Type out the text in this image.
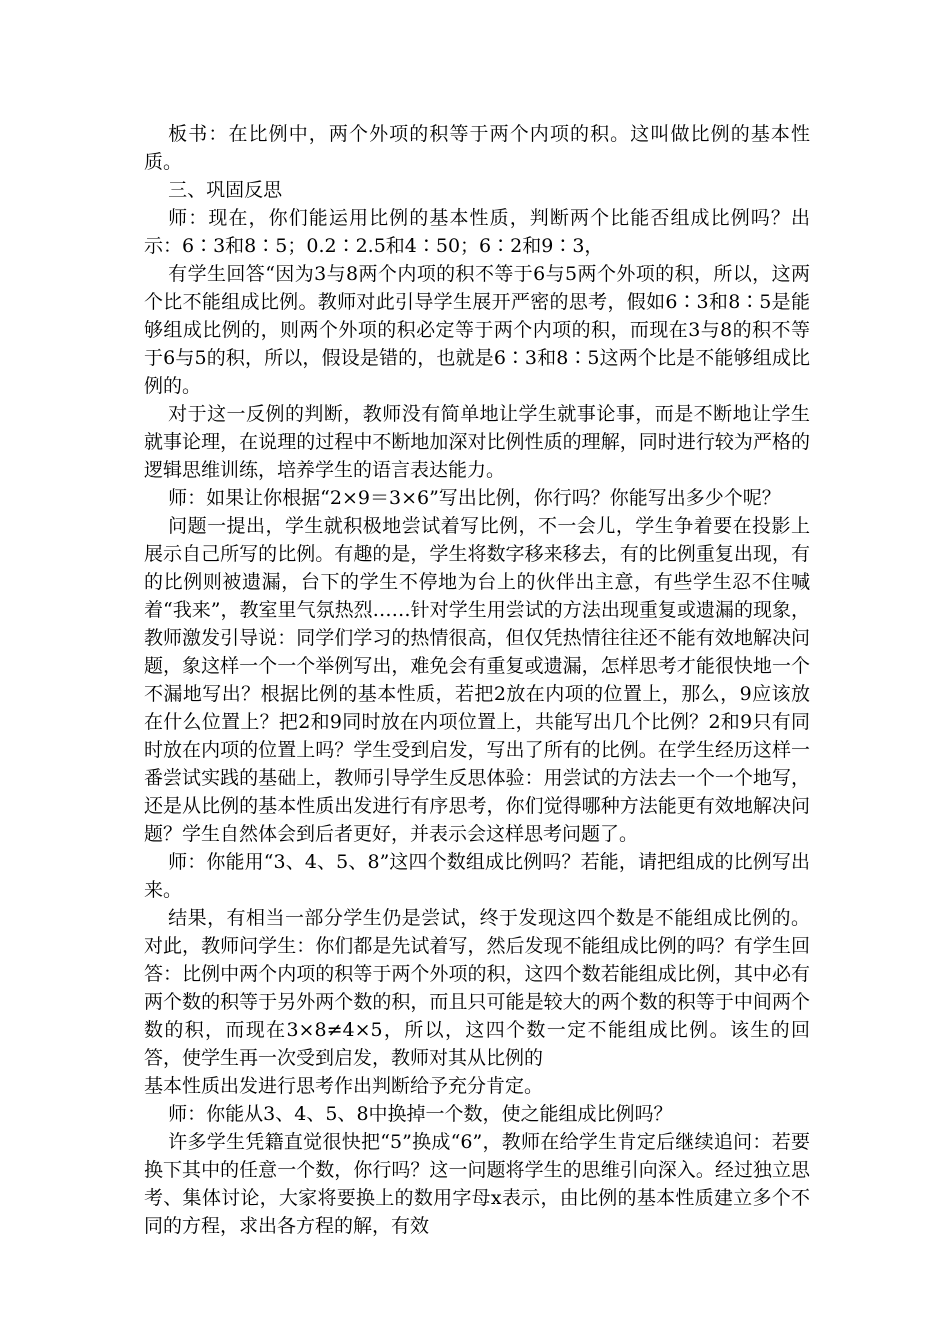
板书：在比例中，两个外项的积等于两个内项的积。这叫做比例的基本性质。

三、巩固反思

师：现在，你们能运用比例的基本性质，判断两个比能否组成比例吗？出示：6∶3和8∶5；0.2∶2.5和4∶50；6∶2和9∶3，

有学生回答“因为3与8两个内项的积不等于6与5两个外项的积，所以，这两个比不能组成比例。教师对此引导学生展开严密的思考，假如6∶3和8∶5是能够组成比例的，则两个外项的积必定等于两个内项的积，而现在3与8的积不等于6与5的积，所以，假设是错的，也就是6∶3和8∶5这两个比是不能够组成比例的。

对于这一反例的判断，教师没有简单地让学生就事论事，而是不断地让学生就事论理，在说理的过程中不断地加深对比例性质的理解，同时进行较为严格的逻辑思维训练，培养学生的语言表达能力。

师：如果让你根据“2×9＝3×6”写出比例，你行吗？你能写出多少个呢？

问题一提出，学生就积极地尝试着写比例，不一会儿，学生争着要在投影上展示自己所写的比例。有趣的是，学生将数字移来移去，有的比例重复出现，有的比例则被遗漏，台下的学生不停地为台上的伙伴出主意，有些学生忍不住喊着“我来”，教室里气氛热烈……针对学生用尝试的方法出现重复或遗漏的现象，教师激发引导说：同学们学习的热情很高，但仅凭热情往往还不能有效地解决问题，象这样一个一个举例写出，难免会有重复或遗漏，怎样思考才能很快地一个不漏地写出？根据比例的基本性质，若把2放在内项的位置上，那么，9应该放在什么位置上？把2和9同时放在内项位置上，共能写出几个比例？2和9只有同时放在内项的位置上吗？学生受到启发，写出了所有的比例。在学生经历这样一番尝试实践的基础上，教师引导学生反思体验：用尝试的方法去一个一个地写，还是从比例的基本性质出发进行有序思考，你们觉得哪种方法能更有效地解决问题？学生自然体会到后者更好，并表示会这样思考问题了。

师：你能用“3、4、5、8”这四个数组成比例吗？若能，请把组成的比例写出来。

结果，有相当一部分学生仍是尝试，终于发现这四个数是不能组成比例的。对此，教师问学生：你们都是先试着写，然后发现不能组成比例的吗？有学生回答：比例中两个内项的积等于两个外项的积，这四个数若能组成比例，其中必有两个数的积等于另外两个数的积，而且只可能是较大的两个数的积等于中间两个数的积，而现在3×8≠4×5，所以，这四个数一定不能组成比例。该生的回答，使学生再一次受到启发，教师对其从比例的

基本性质出发进行思考作出判断给予充分肯定。

师：你能从3、4、5、8中换掉一个数，使之能组成比例吗？

许多学生凭籍直觉很快把“5”换成“6”，教师在给学生肯定后继续追问：若要换下其中的任意一个数，你行吗？这一问题将学生的思维引向深入。经过独立思考、集体讨论，大家将要换上的数用字母x表示，由比例的基本性质建立多个不同的方程，求出各方程的解，有效
